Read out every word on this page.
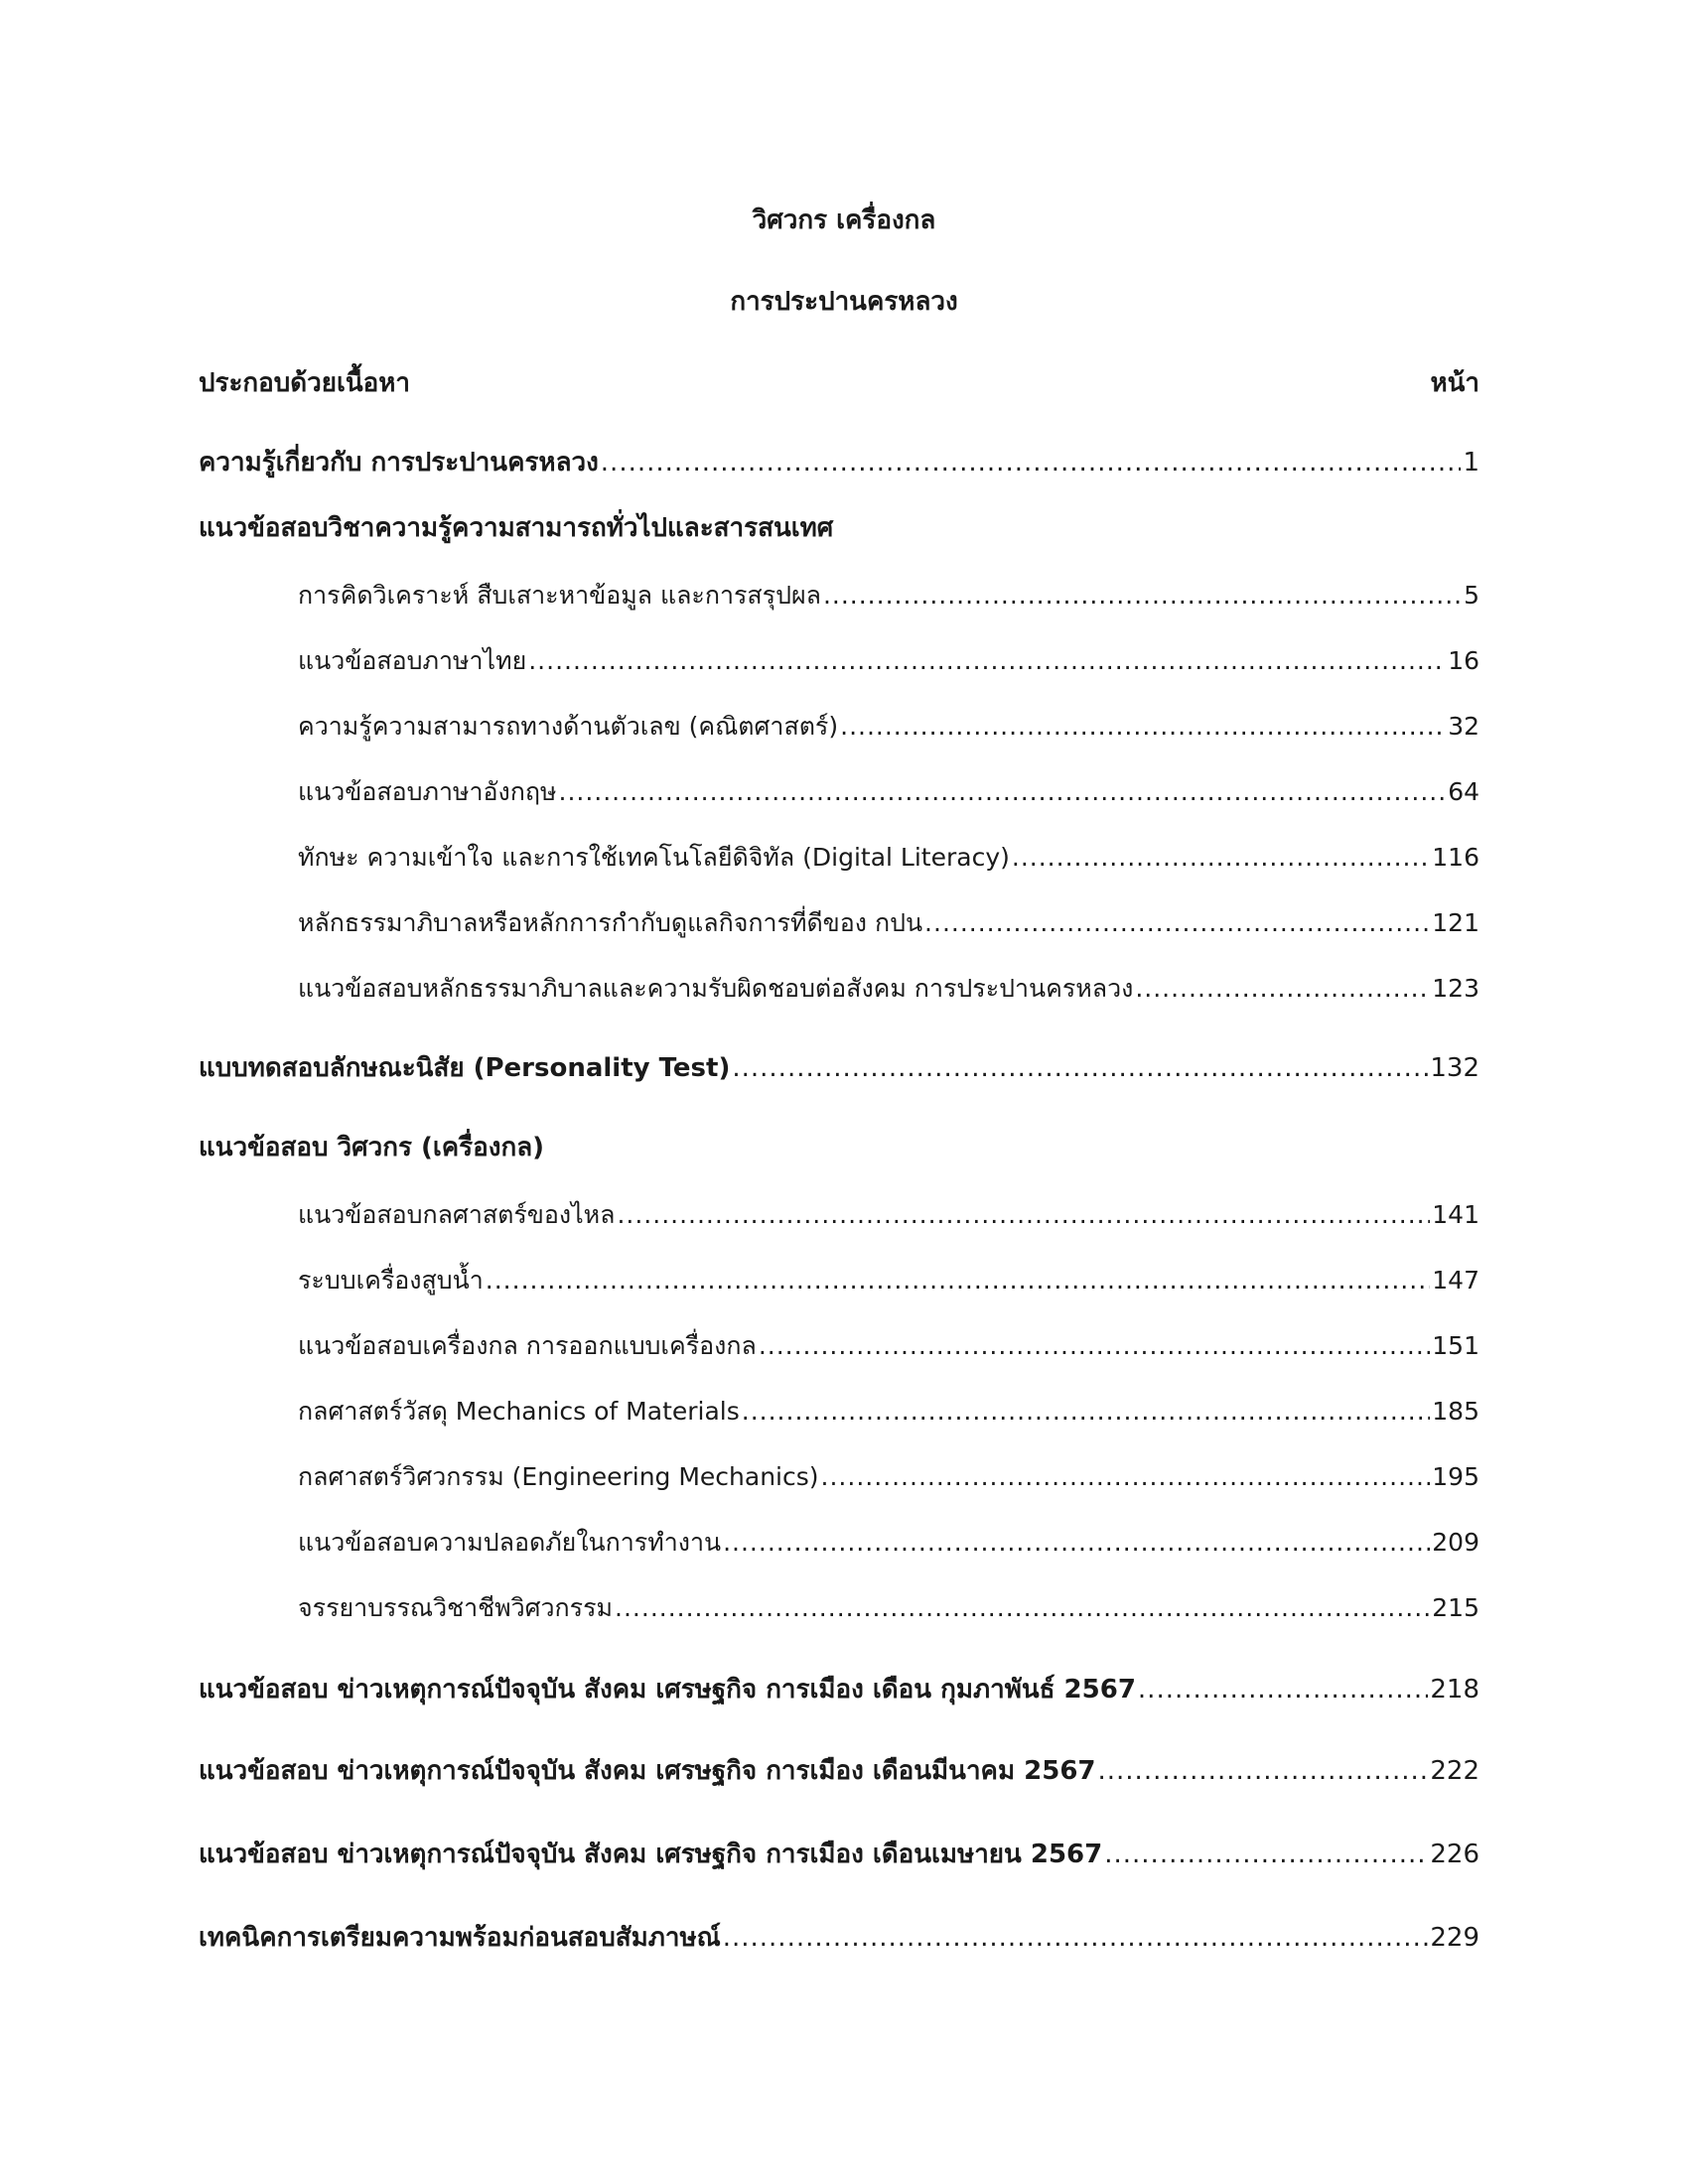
วิศวกร เครื่องกล
การประปานครหลวง
ประกอบด้วยเนื้อหา	หน้า
ความรู้เกี่ยวกับ การประปานครหลวง .....	1
แนวข้อสอบวิชาความรู้ความสามารถทั่วไปและสารสนเทศ
การคิดวิเคราะห์ สืบเสาะหาข้อมูล และการสรุปผล .....	5
แนวข้อสอบภาษาไทย .....	16
ความรู้ความสามารถทางด้านตัวเลข (คณิตศาสตร์) .....	32
แนวข้อสอบภาษาอังกฤษ .....	64
ทักษะ ความเข้าใจ และการใช้เทคโนโลยีดิจิทัล (Digital Literacy) .....	116
หลักธรรมาภิบาลหรือหลักการกำกับดูแลกิจการที่ดีของ กปน .....	121
แนวข้อสอบหลักธรรมาภิบาลและความรับผิดชอบต่อสังคม การประปานครหลวง .....	123
แบบทดสอบลักษณะนิสัย (Personality Test) .....	132
แนวข้อสอบ วิศวกร (เครื่องกล)
แนวข้อสอบกลศาสตร์ของไหล .....	141
ระบบเครื่องสูบน้ำ .....	147
แนวข้อสอบเครื่องกล การออกแบบเครื่องกล .....	151
กลศาสตร์วัสดุ Mechanics of Materials .....	185
กลศาสตร์วิศวกรรม (Engineering Mechanics) .....	195
แนวข้อสอบความปลอดภัยในการทำงาน .....	209
จรรยาบรรณวิชาชีพวิศวกรรม .....	215
แนวข้อสอบ ข่าวเหตุการณ์ปัจจุบัน สังคม เศรษฐกิจ การเมือง เดือน กุมภาพันธ์ 2567 .....	218
แนวข้อสอบ ข่าวเหตุการณ์ปัจจุบัน สังคม เศรษฐกิจ การเมือง เดือนมีนาคม 2567 .....	222
แนวข้อสอบ ข่าวเหตุการณ์ปัจจุบัน สังคม เศรษฐกิจ การเมือง เดือนเมษายน 2567 .....	226
เทคนิคการเตรียมความพร้อมก่อนสอบสัมภาษณ์ .....	229
